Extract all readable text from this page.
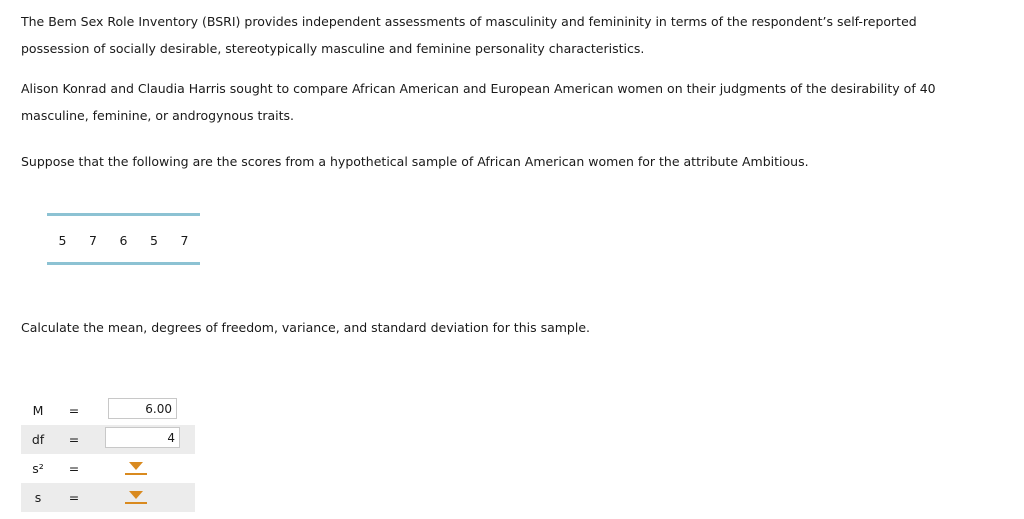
The Bem Sex Role Inventory (BSRI) provides independent assessments of masculinity and femininity in terms of the respondent’s self-reported
possession of socially desirable, stereotypically masculine and feminine personality characteristics.

Alison Konrad and Claudia Harris sought to compare African American and European American women on their judgments of the desirability of 40
masculine, feminine, or androgynous traits.

Suppose that the following are the scores from a hypothetical sample of African American women for the attribute Ambitious.

5	7	6	5	7

Calculate the mean, degrees of freedom, variance, and standard deviation for this sample.

M	=	6.00
df	=	4
s²	=
s	=
